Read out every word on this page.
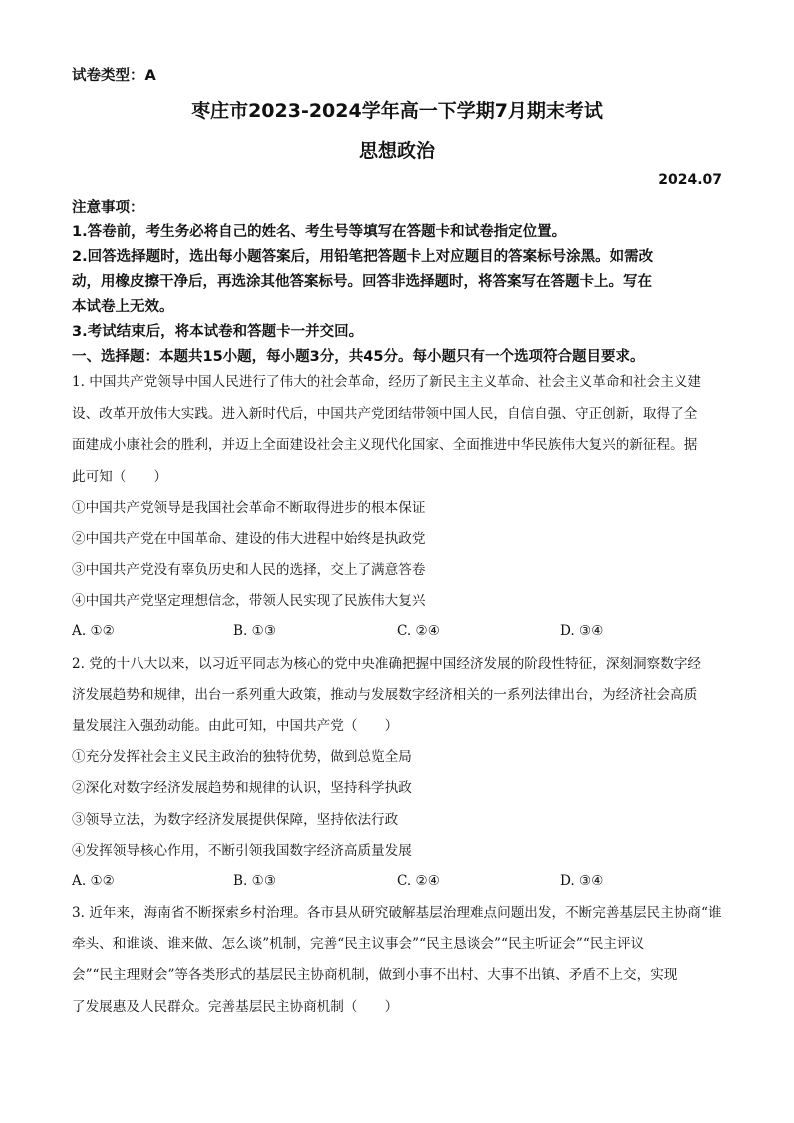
试卷类型：A
枣庄市2023-2024学年高一下学期7月期末考试
思想政治
2024.07
注意事项：
1.答卷前，考生务必将自己的姓名、考生号等填写在答题卡和试卷指定位置。
2.回答选择题时，选出每小题答案后，用铅笔把答题卡上对应题目的答案标号涂黑。如需改
动，用橡皮擦干净后，再选涂其他答案标号。回答非选择题时，将答案写在答题卡上。写在
本试卷上无效。
3.考试结束后，将本试卷和答题卡一并交回。
一、选择题：本题共15小题，每小题3分，共45分。每小题只有一个选项符合题目要求。
1. 中国共产党领导中国人民进行了伟大的社会革命，经历了新民主主义革命、社会主义革命和社会主义建
设、改革开放伟大实践。进入新时代后，中国共产党团结带领中国人民，自信自强、守正创新，取得了全
面建成小康社会的胜利，并迈上全面建设社会主义现代化国家、全面推进中华民族伟大复兴的新征程。据
此可知（　　）
①中国共产党领导是我国社会革命不断取得进步的根本保证
②中国共产党在中国革命、建设的伟大进程中始终是执政党
③中国共产党没有辜负历史和人民的选择，交上了满意答卷
④中国共产党坚定理想信念，带领人民实现了民族伟大复兴
A. ①②	B. ①③	C. ②④	D. ③④
2. 党的十八大以来，以习近平同志为核心的党中央准确把握中国经济发展的阶段性特征，深刻洞察数字经
济发展趋势和规律，出台一系列重大政策，推动与发展数字经济相关的一系列法律出台，为经济社会高质
量发展注入强劲动能。由此可知，中国共产党（　　）
①充分发挥社会主义民主政治的独特优势，做到总览全局
②深化对数字经济发展趋势和规律的认识，坚持科学执政
③领导立法，为数字经济发展提供保障，坚持依法行政
④发挥领导核心作用，不断引领我国数字经济高质量发展
A. ①②	B. ①③	C. ②④	D. ③④
3. 近年来，海南省不断探索乡村治理。各市县从研究破解基层治理难点问题出发，不断完善基层民主协商“谁
牵头、和谁谈、谁来做、怎么谈”机制，完善“民主议事会”“民主恳谈会”“民主听证会”“民主评议
会”“民主理财会”等各类形式的基层民主协商机制，做到小事不出村、大事不出镇、矛盾不上交，实现
了发展惠及人民群众。完善基层民主协商机制（　　）
